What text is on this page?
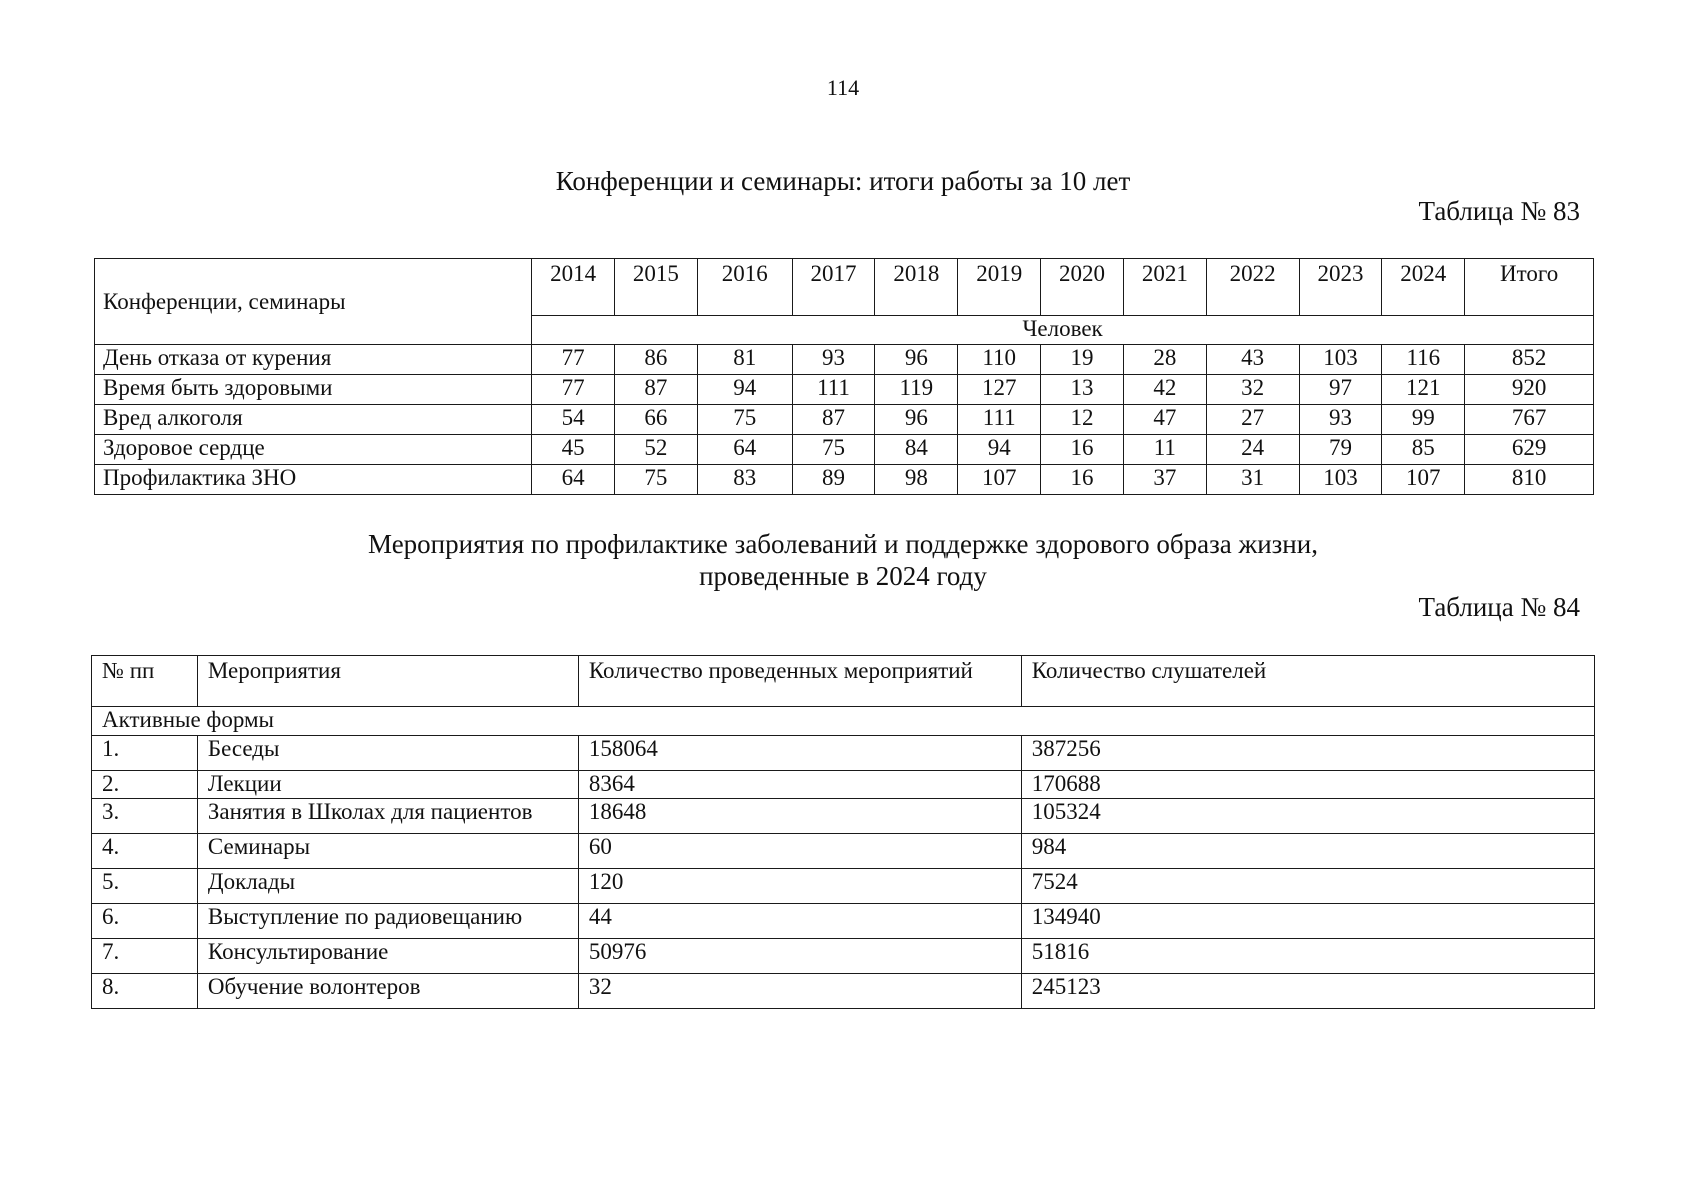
114
Конференции и семинары: итоги работы за 10 лет
Таблица № 83
Конференции, семинары	2014	2015	2016	2017	2018	2019	2020	2021	2022	2023	2024	Итого
	Человек											
День отказа от курения	77	86	81	93	96	110	19	28	43	103	116	852
Время быть здоровыми	77	87	94	111	119	127	13	42	32	97	121	920
Вред алкоголя	54	66	75	87	96	111	12	47	27	93	99	767
Здоровое сердце	45	52	64	75	84	94	16	11	24	79	85	629
Профилактика ЗНО	64	75	83	89	98	107	16	37	31	103	107	810
Мероприятия по профилактике заболеваний и поддержке здорового образа жизни,
проведенные в 2024 году
Таблица № 84
№ пп	Мероприятия	Количество проведенных мероприятий	Количество слушателей
Активные формы			
1.	Беседы	158064	387256
2.	Лекции	8364	170688
3.	Занятия в Школах для пациентов	18648	105324
4.	Семинары	60	984
5.	Доклады	120	7524
6.	Выступление по радиовещанию	44	134940
7.	Консультирование	50976	51816
8.	Обучение волонтеров	32	245123
